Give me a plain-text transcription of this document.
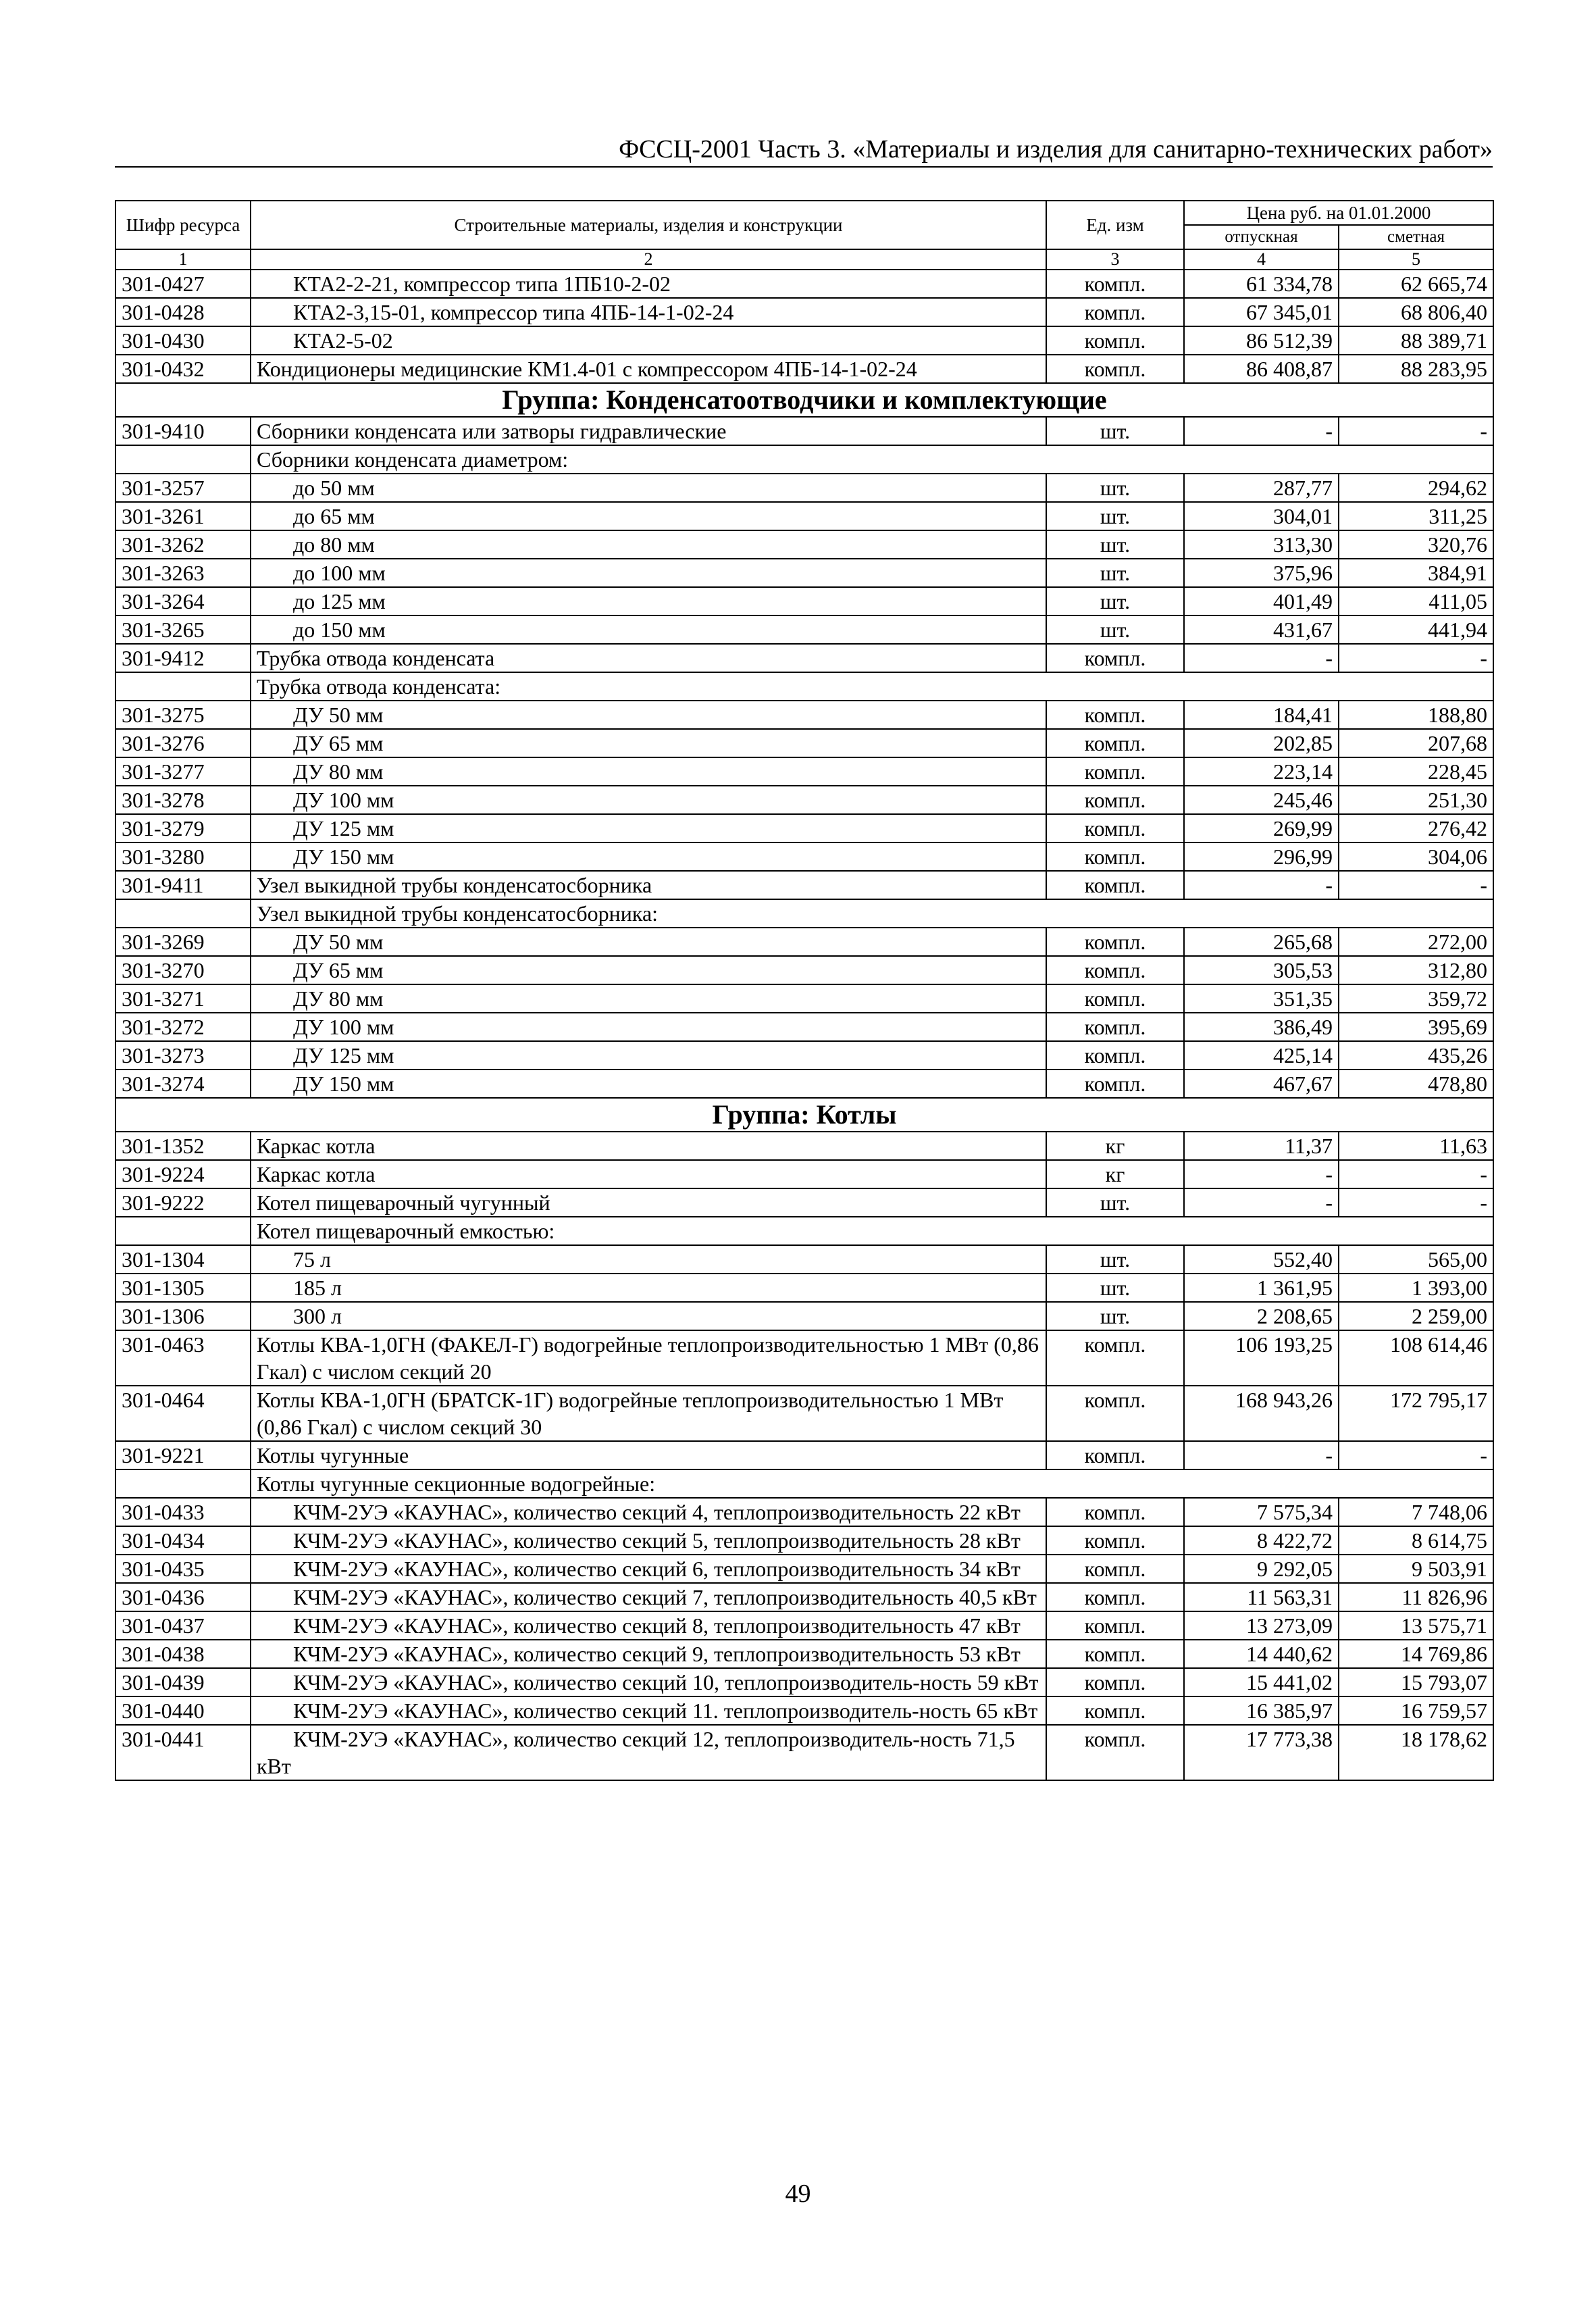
ФССЦ-2001 Часть 3. «Материалы и изделия для санитарно-технических работ»
Шифр ресурса	Строительные материалы, изделия и конструкции	Ед. изм	Цена руб. на 01.01.2000	
			отпускная	сметная
1	2	3	4	5
301-0427	КТА2-2-21, компрессор типа 1ПБ10-2-02	компл.	61 334,78	62 665,74
301-0428	КТА2-3,15-01, компрессор типа 4ПБ-14-1-02-24	компл.	67 345,01	68 806,40
301-0430	КТА2-5-02	компл.	86 512,39	88 389,71
301-0432	Кондиционеры медицинские КМ1.4-01 с компрессором 4ПБ-14-1-02-24	компл.	86 408,87	88 283,95
Группа: Конденсатоотводчики и комплектующие				
301-9410	Сборники конденсата или затворы гидравлические	шт.	-	-
	Сборники конденсата диаметром:			
301-3257	до 50 мм	шт.	287,77	294,62
301-3261	до 65 мм	шт.	304,01	311,25
301-3262	до 80 мм	шт.	313,30	320,76
301-3263	до 100 мм	шт.	375,96	384,91
301-3264	до 125 мм	шт.	401,49	411,05
301-3265	до 150 мм	шт.	431,67	441,94
301-9412	Трубка отвода конденсата	компл.	-	-
	Трубка отвода конденсата:			
301-3275	ДУ 50 мм	компл.	184,41	188,80
301-3276	ДУ 65 мм	компл.	202,85	207,68
301-3277	ДУ 80 мм	компл.	223,14	228,45
301-3278	ДУ 100 мм	компл.	245,46	251,30
301-3279	ДУ 125 мм	компл.	269,99	276,42
301-3280	ДУ 150 мм	компл.	296,99	304,06
301-9411	Узел выкидной трубы конденсатосборника	компл.	-	-
	Узел выкидной трубы конденсатосборника:			
301-3269	ДУ 50 мм	компл.	265,68	272,00
301-3270	ДУ 65 мм	компл.	305,53	312,80
301-3271	ДУ 80 мм	компл.	351,35	359,72
301-3272	ДУ 100 мм	компл.	386,49	395,69
301-3273	ДУ 125 мм	компл.	425,14	435,26
301-3274	ДУ 150 мм	компл.	467,67	478,80
Группа: Котлы				
301-1352	Каркас котла	кг	11,37	11,63
301-9224	Каркас котла	кг	-	-
301-9222	Котел пищеварочный чугунный	шт.	-	-
	Котел пищеварочный емкостью:			
301-1304	75 л	шт.	552,40	565,00
301-1305	185 л	шт.	1 361,95	1 393,00
301-1306	300 л	шт.	2 208,65	2 259,00
301-0463	Котлы КВА-1,0ГН (ФАКЕЛ-Г) водогрейные теплопроизводительностью 1 МВт (0,86 Гкал) с числом секций 20	компл.	106 193,25	108 614,46
301-0464	Котлы КВА-1,0ГН (БРАТСК-1Г) водогрейные теплопроизводительностью 1 МВт (0,86 Гкал) с числом секций 30	компл.	168 943,26	172 795,17
301-9221	Котлы чугунные	компл.	-	-
	Котлы чугунные секционные водогрейные:			
301-0433	КЧМ-2УЭ «КАУНАС», количество секций 4, теплопроизводительность 22 кВт	компл.	7 575,34	7 748,06
301-0434	КЧМ-2УЭ «КАУНАС», количество секций 5, теплопроизводительность 28 кВт	компл.	8 422,72	8 614,75
301-0435	КЧМ-2УЭ «КАУНАС», количество секций 6, теплопроизводительность 34 кВт	компл.	9 292,05	9 503,91
301-0436	КЧМ-2УЭ «КАУНАС», количество секций 7, теплопроизводительность 40,5 кВт	компл.	11 563,31	11 826,96
301-0437	КЧМ-2УЭ «КАУНАС», количество секций 8, теплопроизводительность 47 кВт	компл.	13 273,09	13 575,71
301-0438	КЧМ-2УЭ «КАУНАС», количество секций 9, теплопроизводительность 53 кВт	компл.	14 440,62	14 769,86
301-0439	КЧМ-2УЭ «КАУНАС», количество секций 10, теплопроизводитель-ность 59 кВт	компл.	15 441,02	15 793,07
301-0440	КЧМ-2УЭ «КАУНАС», количество секций 11. теплопроизводитель-ность 65 кВт	компл.	16 385,97	16 759,57
301-0441	КЧМ-2УЭ «КАУНАС», количество секций 12, теплопроизводитель-ность 71,5 кВт	компл.	17 773,38	18 178,62
49
